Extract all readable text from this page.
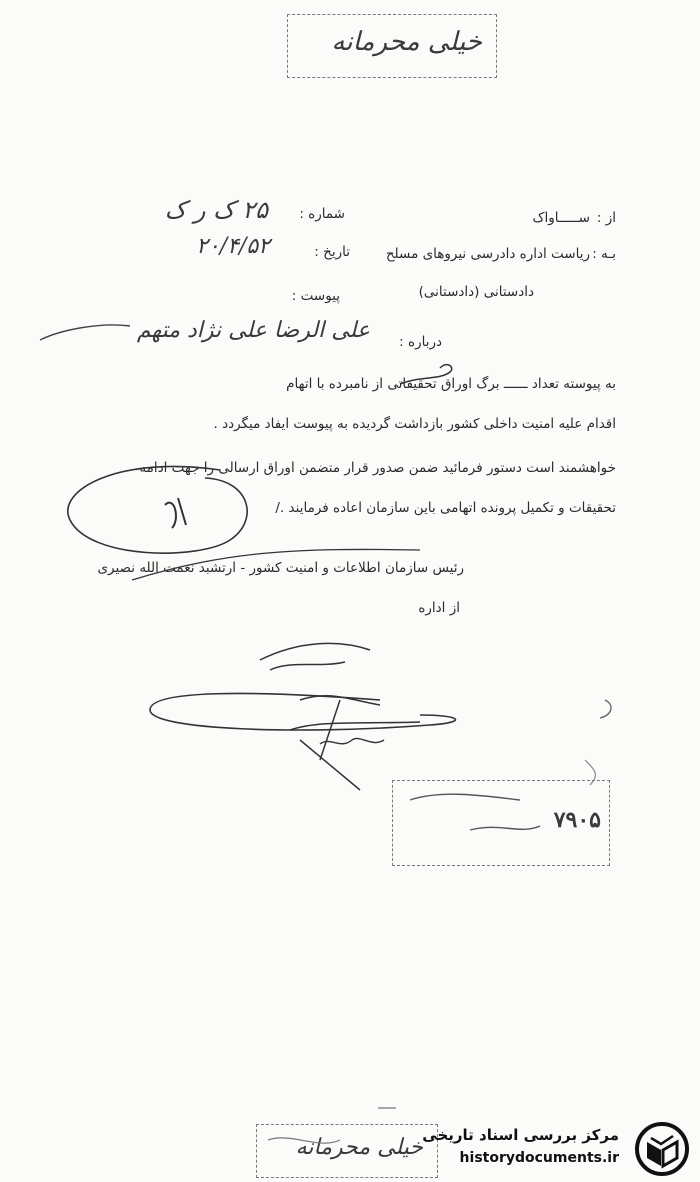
خیلی محرمانه
از :
ســـــاواک
شماره :
۲۵ ک ر ک
بـه :
ریاست اداره دادرسی نیروهای مسلح
تاریخ :
۲۰/۴/۵۲
دادستانی (دادستانی)
پیوست :
درباره :
علی الرضا علی نژاد متهم
به پیوسته تعداد ــــــ برگ اوراق تحقیقاتی از نامبرده با اتهام
اقدام علیه امنیت داخلی کشور بازداشت گردیده به پیوست ایفاد میگردد .
خواهشمند است دستور فرمائید ضمن صدور قرار متضمن اوراق ارسالی را جهت ادامه
تحقیقات و تکمیل پرونده اتهامی باین سازمان اعاده فرمایند ./
رئیس سازمان اطلاعات و امنیت کشور - ارتشبد نعمت الله نصیری
از اداره
۷۹۰۵
خیلی محرمانه مرکز بررسی اسناد تاریخی
historydocuments.ir
